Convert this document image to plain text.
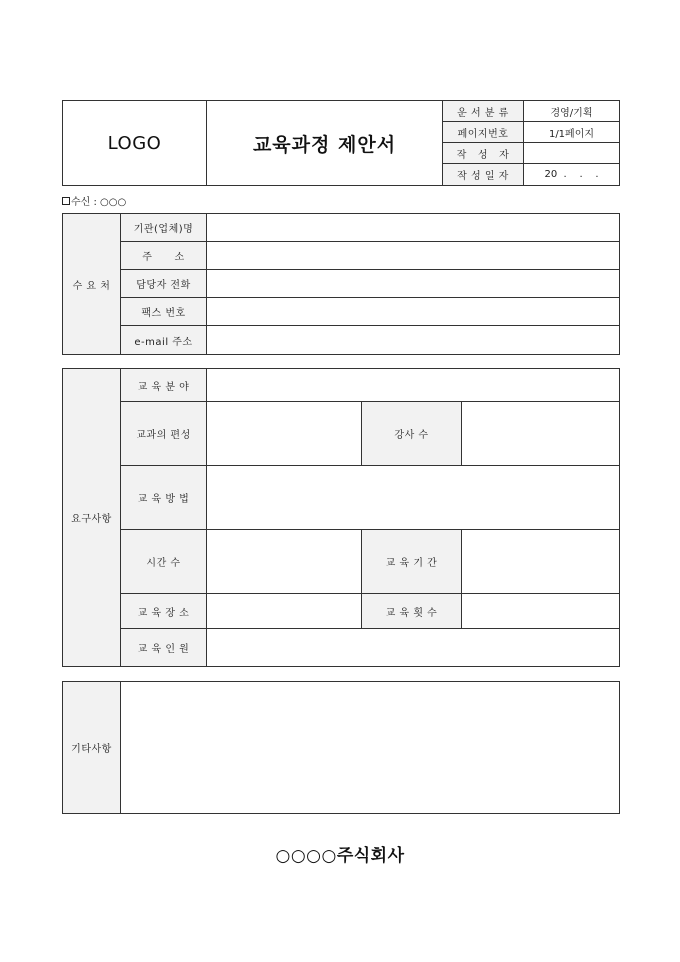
LOGO	교육과정 제안서	운 서 분 류	경영/기획
		페이지번호	1/1페이지
		작   성   자	
		작 성 일 자	20  .    .    .
수신 : ○○○
수 요 처	기관(업체)명	
	주      소	
	담당자 전화	
	팩스 번호	
	e-mail 주소	
요구사항	교 육 분 야			
	교과의 편성		강사 수	
	교 육 방 법			
	시간 수		교 육 기 간	
	교 육 장 소		교 육 횟 수	
	교 육 인 원			
기타사항	
○○○○주식회사
